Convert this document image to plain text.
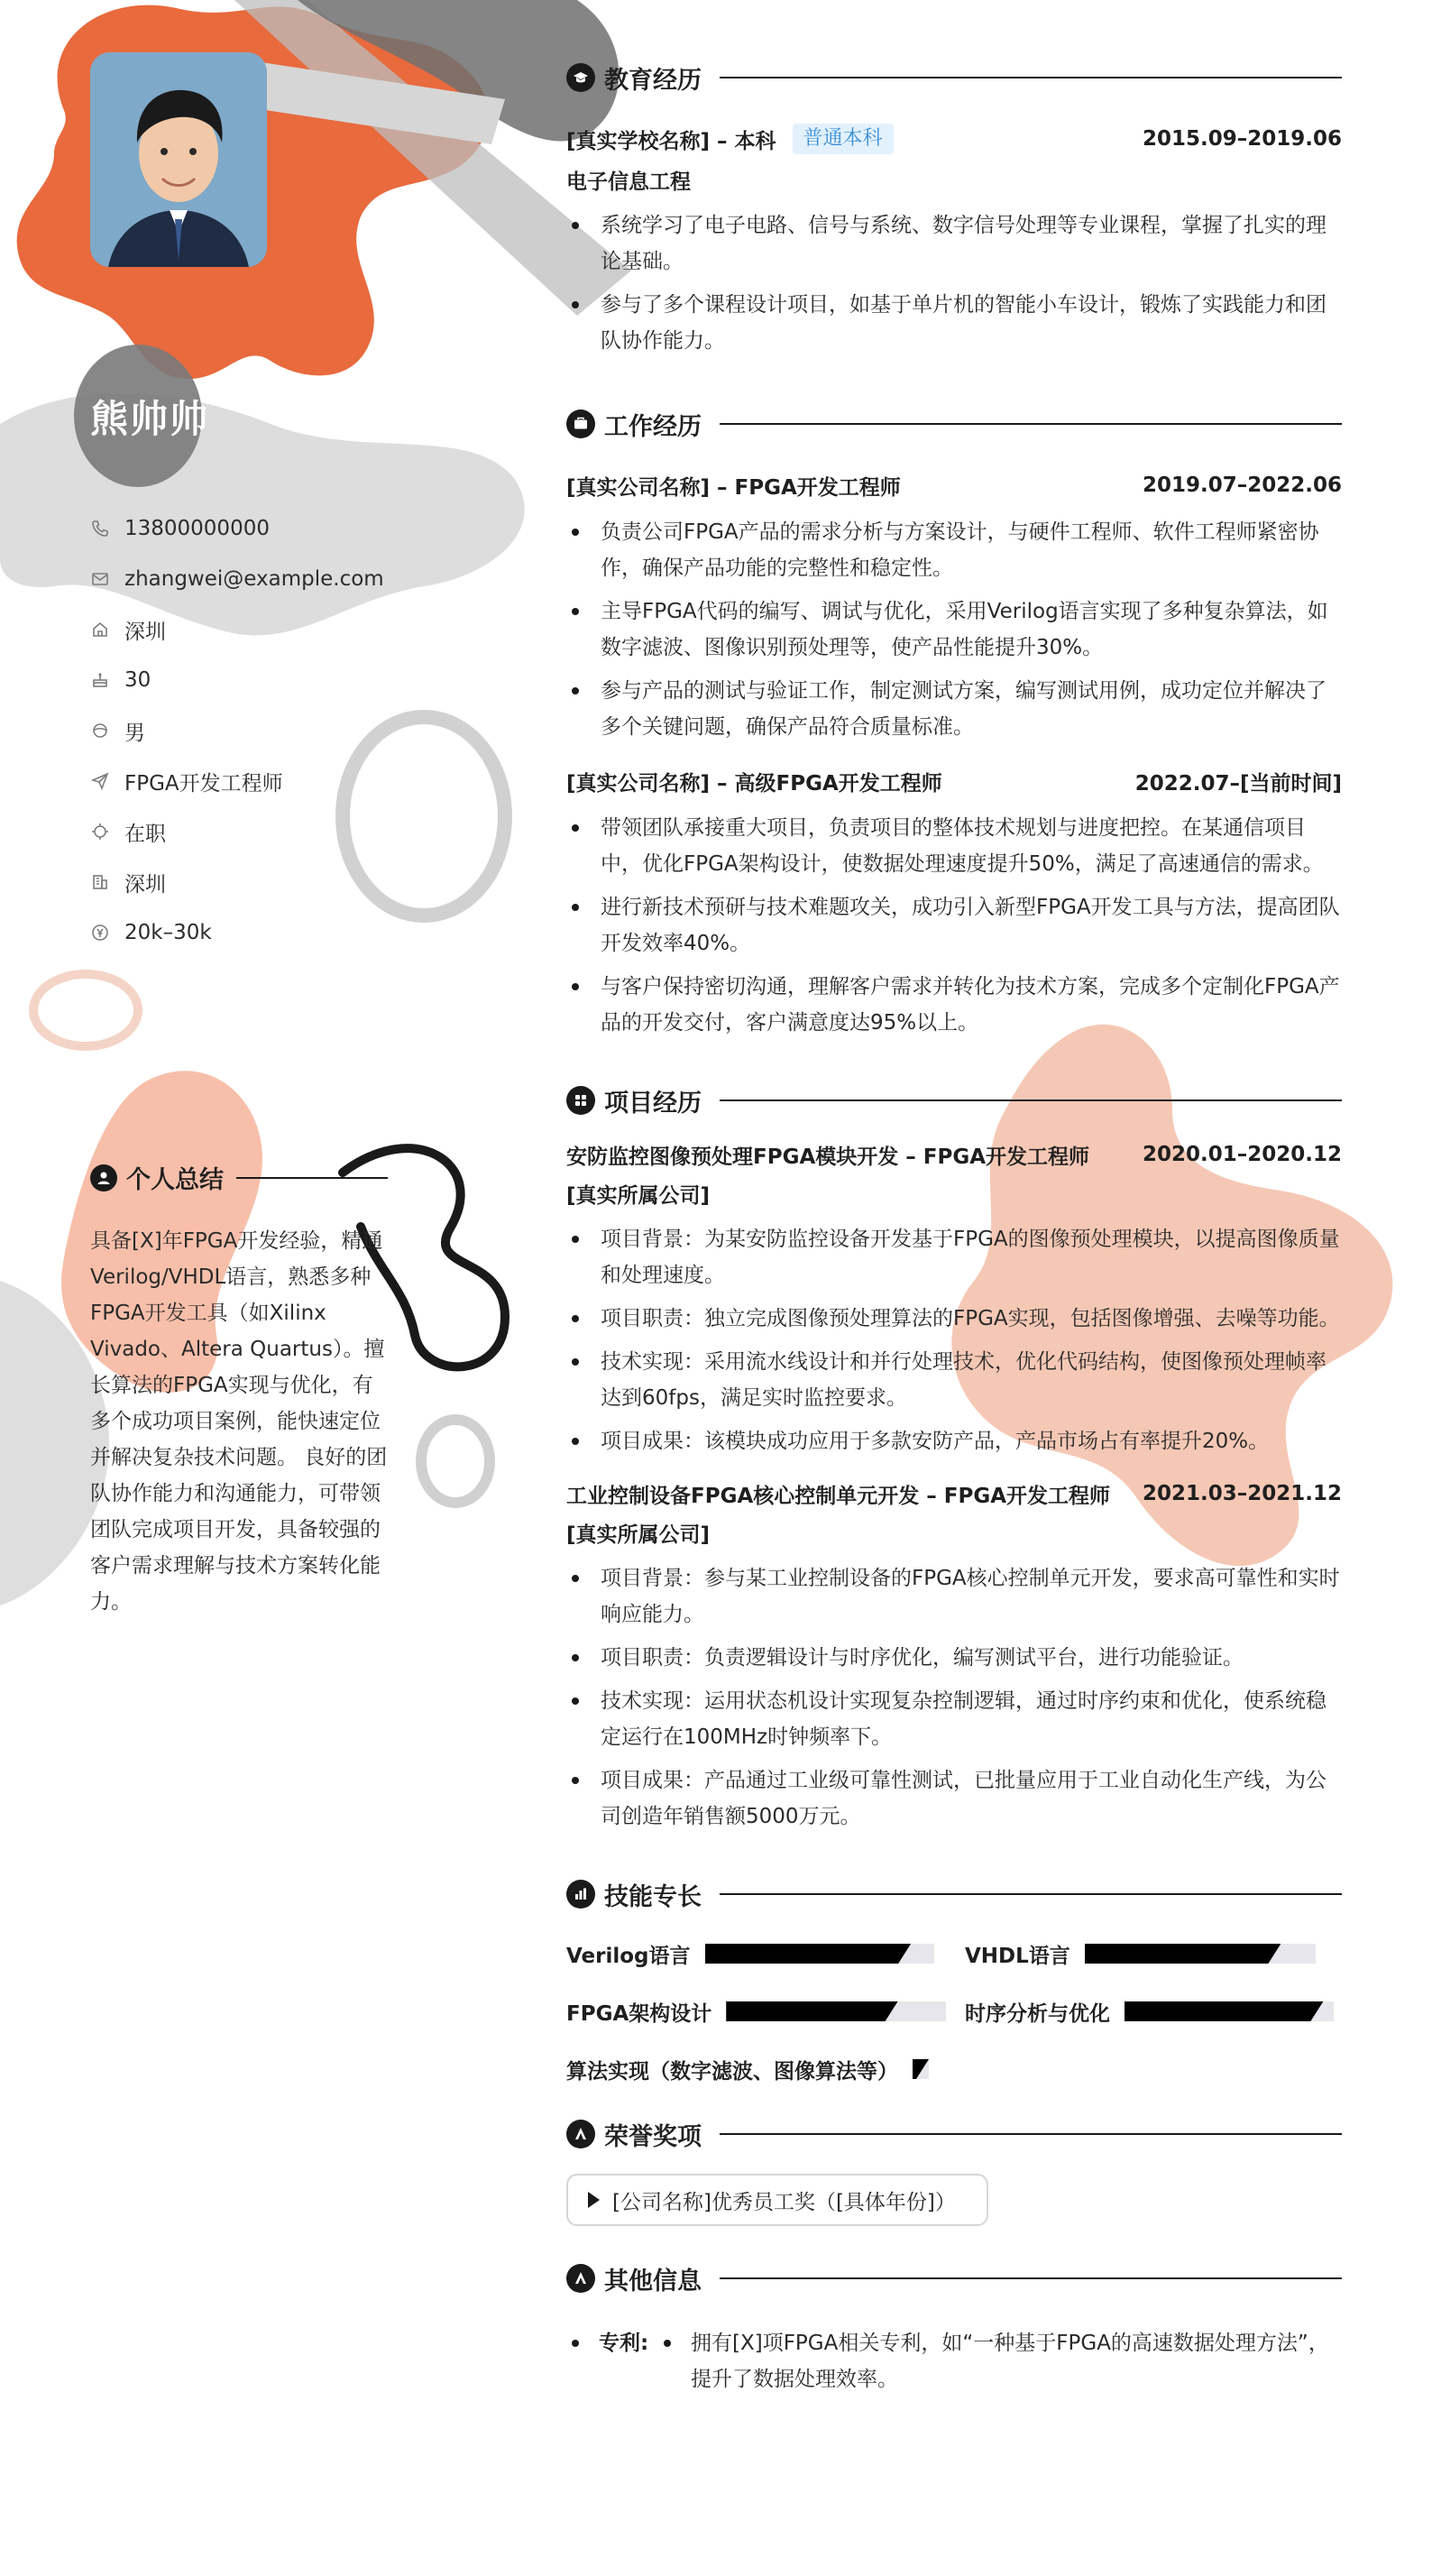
熊帅帅
13800000000
zhangwei@example.com
深圳
30
男
FPGA开发工程师
在职
深圳
20k–30k
个人总结

具备[X]年FPGA开发经验，精通Verilog/VHDL语言，熟悉多种FPGA开发工具（如Xilinx Vivado、Altera Quartus）。擅长算法的FPGA实现与优化，有多个成功项目案例，能快速定位并解决复杂技术问题。 良好的团队协作能力和沟通能力，可带领团队完成项目开发，具备较强的客户需求理解与技术方案转化能力。

教育经历
[真实学校名称] – 本科	普通本科	2015.09–2019.06
电子信息工程
系统学习了电子电路、信号与系统、数字信号处理等专业课程，掌握了扎实的理论基础。
参与了多个课程设计项目，如基于单片机的智能小车设计，锻炼了实践能力和团队协作能力。
工作经历
[真实公司名称] – FPGA开发工程师	2019.07–2022.06
负责公司FPGA产品的需求分析与方案设计，与硬件工程师、软件工程师紧密协作，确保产品功能的完整性和稳定性。
主导FPGA代码的编写、调试与优化，采用Verilog语言实现了多种复杂算法，如数字滤波、图像识别预处理等，使产品性能提升30%。
参与产品的测试与验证工作，制定测试方案，编写测试用例，成功定位并解决了多个关键问题，确保产品符合质量标准。
[真实公司名称] – 高级FPGA开发工程师	2022.07–[当前时间]
带领团队承接重大项目，负责项目的整体技术规划与进度把控。在某通信项目中，优化FPGA架构设计，使数据处理速度提升50%，满足了高速通信的需求。
进行新技术预研与技术难题攻关，成功引入新型FPGA开发工具与方法，提高团队开发效率40%。
与客户保持密切沟通，理解客户需求并转化为技术方案，完成多个定制化FPGA产品的开发交付，客户满意度达95%以上。
项目经历
安防监控图像预处理FPGA模块开发 – FPGA开发工程师	2020.01–2020.12
[真实所属公司]
项目背景：为某安防监控设备开发基于FPGA的图像预处理模块，以提高图像质量和处理速度。
项目职责：独立完成图像预处理算法的FPGA实现，包括图像增强、去噪等功能。
技术实现：采用流水线设计和并行处理技术，优化代码结构，使图像预处理帧率达到60fps，满足实时监控要求。
项目成果：该模块成功应用于多款安防产品，产品市场占有率提升20%。
工业控制设备FPGA核心控制单元开发 – FPGA开发工程师 2021.03–2021.12
[真实所属公司]
项目背景：参与某工业控制设备的FPGA核心控制单元开发，要求高可靠性和实时响应能力。
项目职责：负责逻辑设计与时序优化，编写测试平台，进行功能验证。
技术实现：运用状态机设计实现复杂控制逻辑，通过时序约束和优化，使系统稳定运行在100MHz时钟频率下。
项目成果：产品通过工业级可靠性测试，已批量应用于工业自动化生产线，为公司创造年销售额5000万元。
技能专长
Verilog语言	VHDL语言
FPGA架构设计	时序分析与优化
算法实现（数字滤波、图像算法等）
荣誉奖项
[公司名称]优秀员工奖（[具体年份]）
其他信息
专利:	拥有[X]项FPGA相关专利，如“一种基于FPGA的高速数据处理方法”，提升了数据处理效率。
